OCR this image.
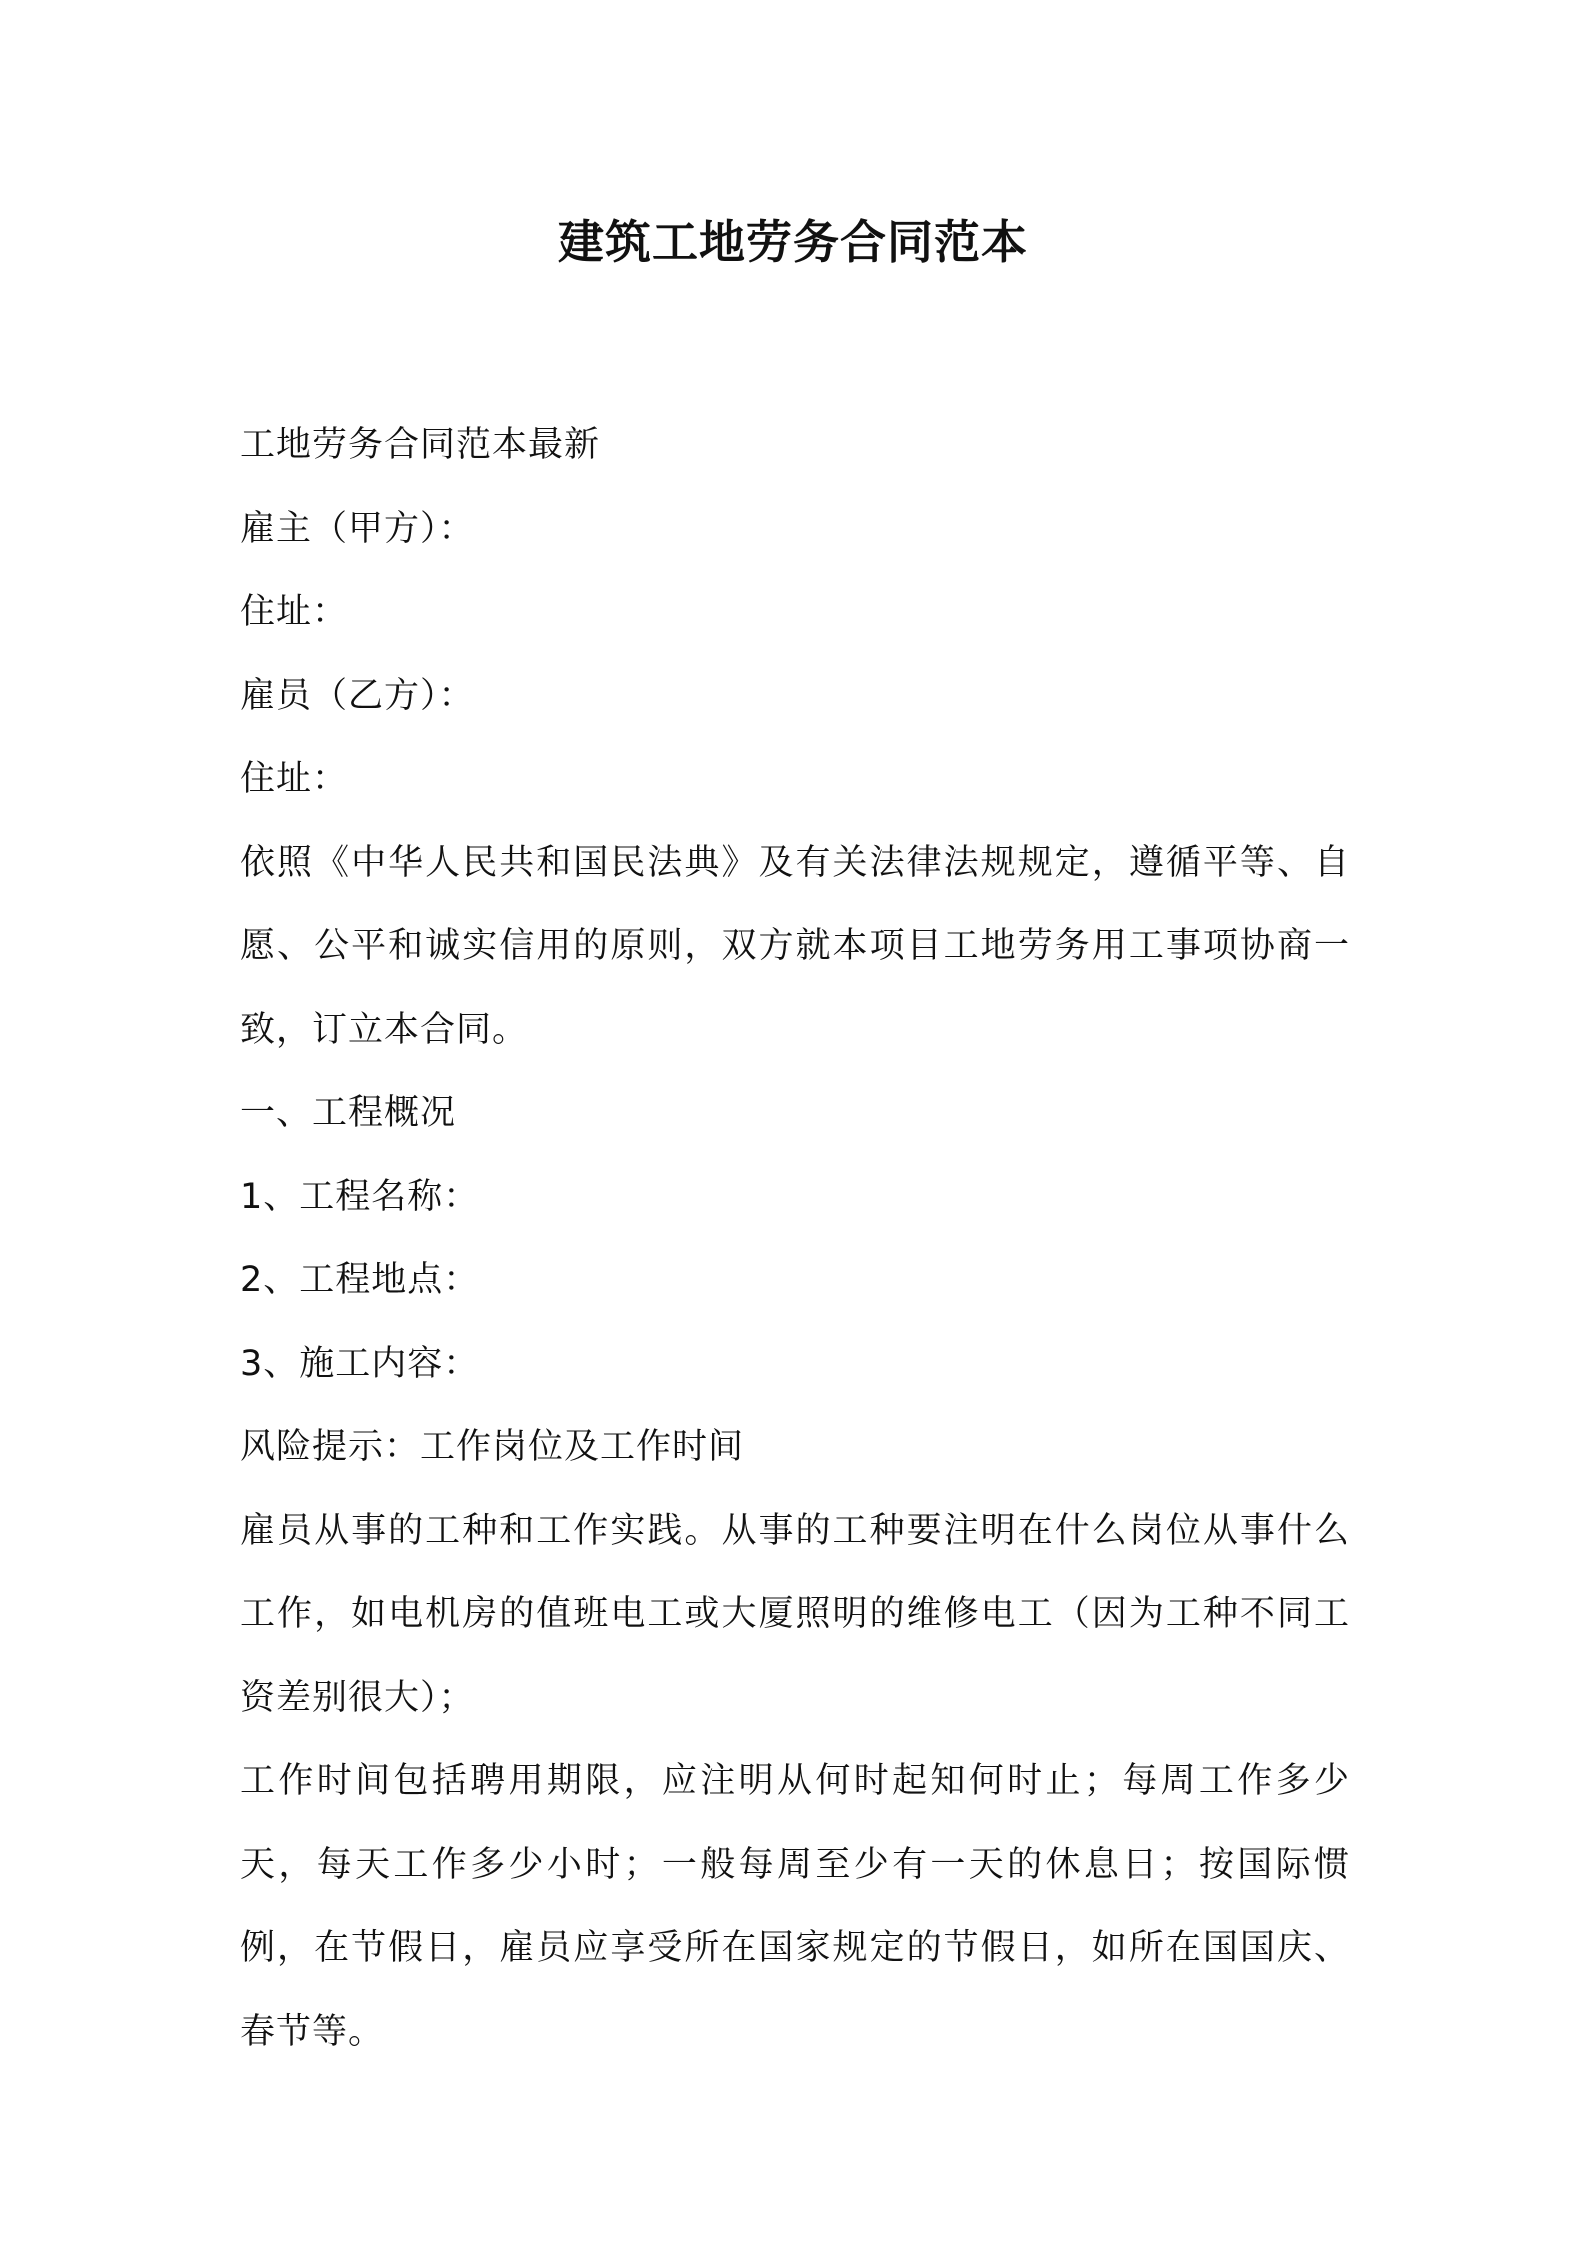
建筑工地劳务合同范本
工地劳务合同范本最新
雇主（甲方）：
住址：
雇员（乙方）：
住址：
依照《中华人民共和国民法典》及有关法律法规规定，遵循平等、自愿、公平和诚实信用的原则，双方就本项目工地劳务用工事项协商一致，订立本合同。
一、工程概况
1、工程名称：
2、工程地点：
3、施工内容：
风险提示：工作岗位及工作时间
雇员从事的工种和工作实践。从事的工种要注明在什么岗位从事什么工作，如电机房的值班电工或大厦照明的维修电工（因为工种不同工资差别很大）；
工作时间包括聘用期限，应注明从何时起知何时止；每周工作多少天，每天工作多少小时；一般每周至少有一天的休息日；按国际惯例，在节假日，雇员应享受所在国家规定的节假日，如所在国国庆、春节等。
